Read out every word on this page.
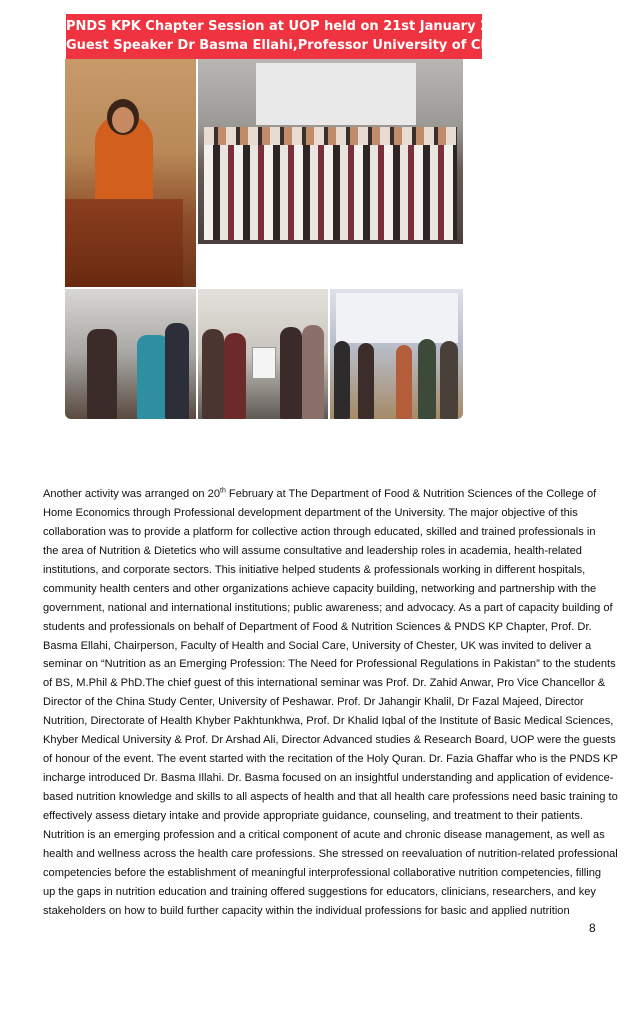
PNDS KPK Chapter Session at UOP held on 21st January 2023
Guest Speaker Dr Basma Ellahi,Professor University of Chester UK
Another activity was arranged on 20th February at The Department of Food & Nutrition Sciences of the College of
Home Economics through Professional development department of the University. The major objective of this
collaboration was to provide a platform for collective action through educated, skilled and trained professionals in
the area of Nutrition & Dietetics who will assume consultative and leadership roles in academia, health-related
institutions, and corporate sectors. This initiative helped students & professionals working in different hospitals,
community health centers and other organizations achieve capacity building, networking and partnership with the
government, national and international institutions; public awareness; and advocacy. As a part of capacity building of
students and professionals on behalf of Department of Food & Nutrition Sciences & PNDS KP Chapter, Prof. Dr.
Basma Ellahi, Chairperson, Faculty of Health and Social Care, University of Chester, UK was invited to deliver a
seminar on “Nutrition as an Emerging Profession: The Need for Professional Regulations in Pakistan” to the students
of BS, M.Phil & PhD.The chief guest of this international seminar was Prof. Dr. Zahid Anwar, Pro Vice Chancellor &
Director of the China Study Center, University of Peshawar. Prof. Dr Jahangir Khalil, Dr Fazal Majeed, Director
Nutrition, Directorate of Health Khyber Pakhtunkhwa, Prof. Dr Khalid Iqbal of the Institute of Basic Medical Sciences,
Khyber Medical University & Prof. Dr Arshad Ali, Director Advanced studies & Research Board, UOP were the guests
of honour of the event. The event started with the recitation of the Holy Quran. Dr. Fazia Ghaffar who is the PNDS KP
incharge introduced Dr. Basma Illahi. Dr. Basma focused on an insightful understanding and application of evidence-
based nutrition knowledge and skills to all aspects of health and that all health care professions need basic training to
effectively assess dietary intake and provide appropriate guidance, counseling, and treatment to their patients.
Nutrition is an emerging profession and a critical component of acute and chronic disease management, as well as
health and wellness across the health care professions. She stressed on reevaluation of nutrition-related professional
competencies before the establishment of meaningful interprofessional collaborative nutrition competencies, filling
up the gaps in nutrition education and training offered suggestions for educators, clinicians, researchers, and key
stakeholders on how to build further capacity within the individual professions for basic and applied nutrition
8
